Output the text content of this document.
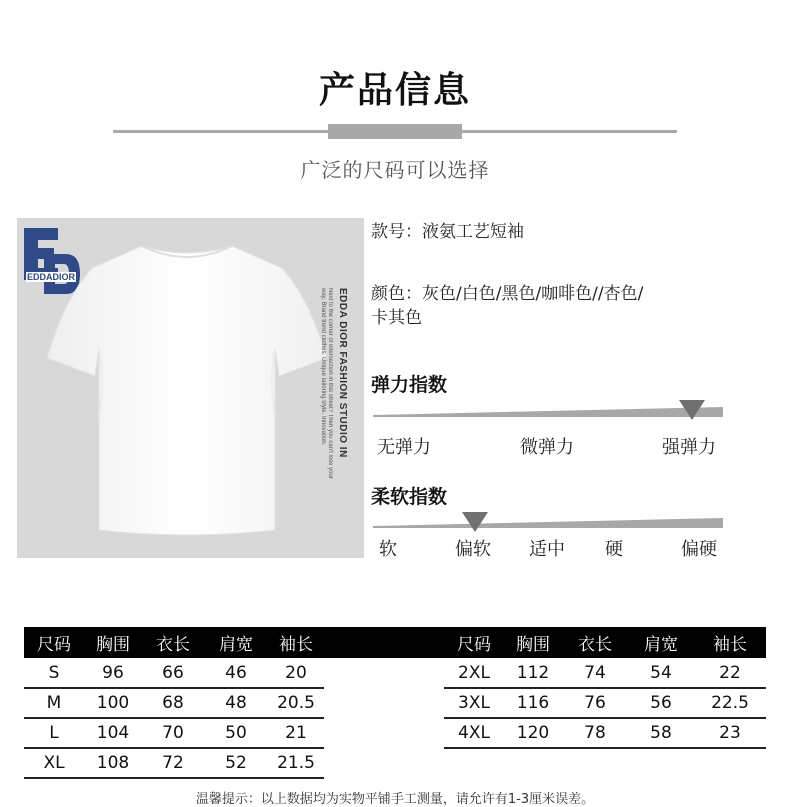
产品信息
广泛的尺码可以选择
EDDADIOR
Next to the corner of intersection in this street? Then you can't lose your way. Brand trend clothes. Unique tailoring style. Innovation.	EDDA DIOR FASHION STUDIO IN
款号：液氨工艺短袖
颜色：灰色/白色/黑色/咖啡色//杏色/
卡其色
弹力指数
无弹力	微弹力	强弹力
柔软指数
软	偏软 适中 硬	偏硬
尺码	胸围	衣长	肩宽	袖长
S	96	66	46	20
M	100	68	48	20.5
L	104	70	50	21
XL	108	72	52	21.5
尺码	胸围	衣长	肩宽	袖长
2XL	112	74	54	22
3XL	116	76	56	22.5
4XL	120	78	58	23
温馨提示：以上数据均为实物平铺手工测量，请允许有1-3厘米误差。
